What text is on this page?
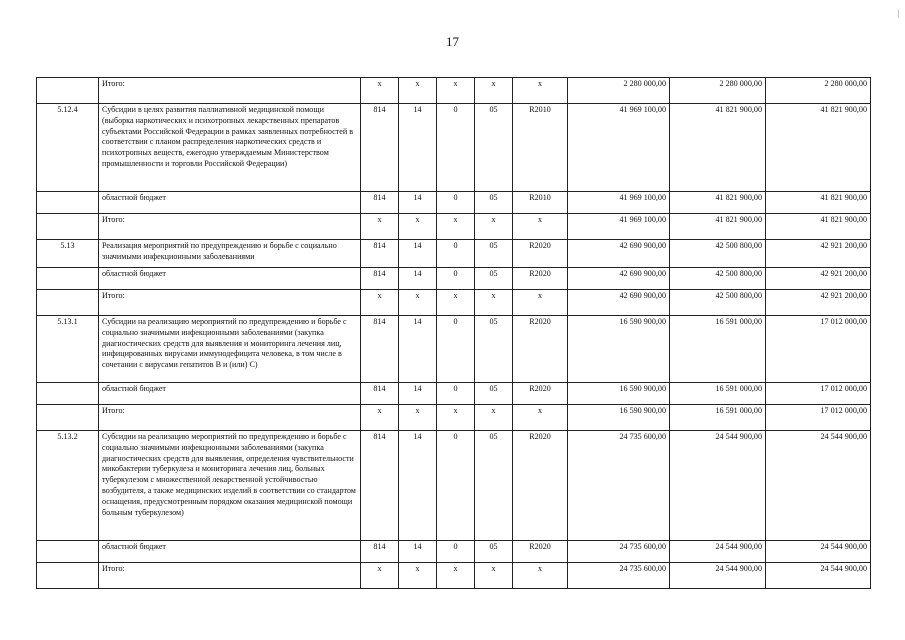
17
|
	Итого:	х	х	х	х	х	2 280 000,00	2 280 000,00	2 280 000,00
5.12.4	Субсидии в целях развития паллиативной медицинской помощи (выборка наркотических и психотропных лекарственных препаратов субъектами Российской Федерации в рамках заявленных потребностей в соответствии с планом распределения наркотических средств и психотропных веществ, ежегодно утверждаемым Министерством промышленности и торговли Российской Федерации)	814	14	0	05	R2010	41 969 100,00	41 821 900,00	41 821 900,00
	областной бюджет	814	14	0	05	R2010	41 969 100,00	41 821 900,00	41 821 900,00
	Итого:	х	х	х	х	х	41 969 100,00	41 821 900,00	41 821 900,00
5.13	Реализация мероприятий по предупреждению и борьбе с социально значимыми инфекционными заболеваниями	814	14	0	05	R2020	42 690 900,00	42 500 800,00	42 921 200,00
	областной бюджет	814	14	0	05	R2020	42 690 900,00	42 500 800,00	42 921 200,00
	Итого:	х	х	х	х	х	42 690 900,00	42 500 800,00	42 921 200,00
5.13.1	Субсидии на реализацию мероприятий по предупреждению и борьбе с социально значимыми инфекционными заболеваниями (закупка диагностических средств для выявления и мониторинга лечения лиц, инфицированных вирусами иммунодефицита человека, в том числе в сочетании с вирусами гепатитов В и (или) С)	814	14	0	05	R2020	16 590 900,00	16 591 000,00	17 012 000,00
	областной бюджет	814	14	0	05	R2020	16 590 900,00	16 591 000,00	17 012 000,00
	Итого:	х	х	х	х	х	16 590 900,00	16 591 000,00	17 012 000,00
5.13.2	Субсидии на реализацию мероприятий по предупреждению и борьбе с социально значимыми инфекционными заболеваниями (закупка диагностических средств для выявления, определения чувствительности микобактерии туберкулеза и мониторинга лечения лиц, больных туберкулезом с множественной лекарственной устойчивостью возбудителя, а также медицинских изделий в соответствии со стандартом оснащения, предусмотренным порядком оказания медицинской помощи больным туберкулезом)	814	14	0	05	R2020	24 735 600,00	24 544 900,00	24 544 900,00
	областной бюджет	814	14	0	05	R2020	24 735 600,00	24 544 900,00	24 544 900,00
	Итого:	х	х	х	х	х	24 735 600,00	24 544 900,00	24 544 900,00
